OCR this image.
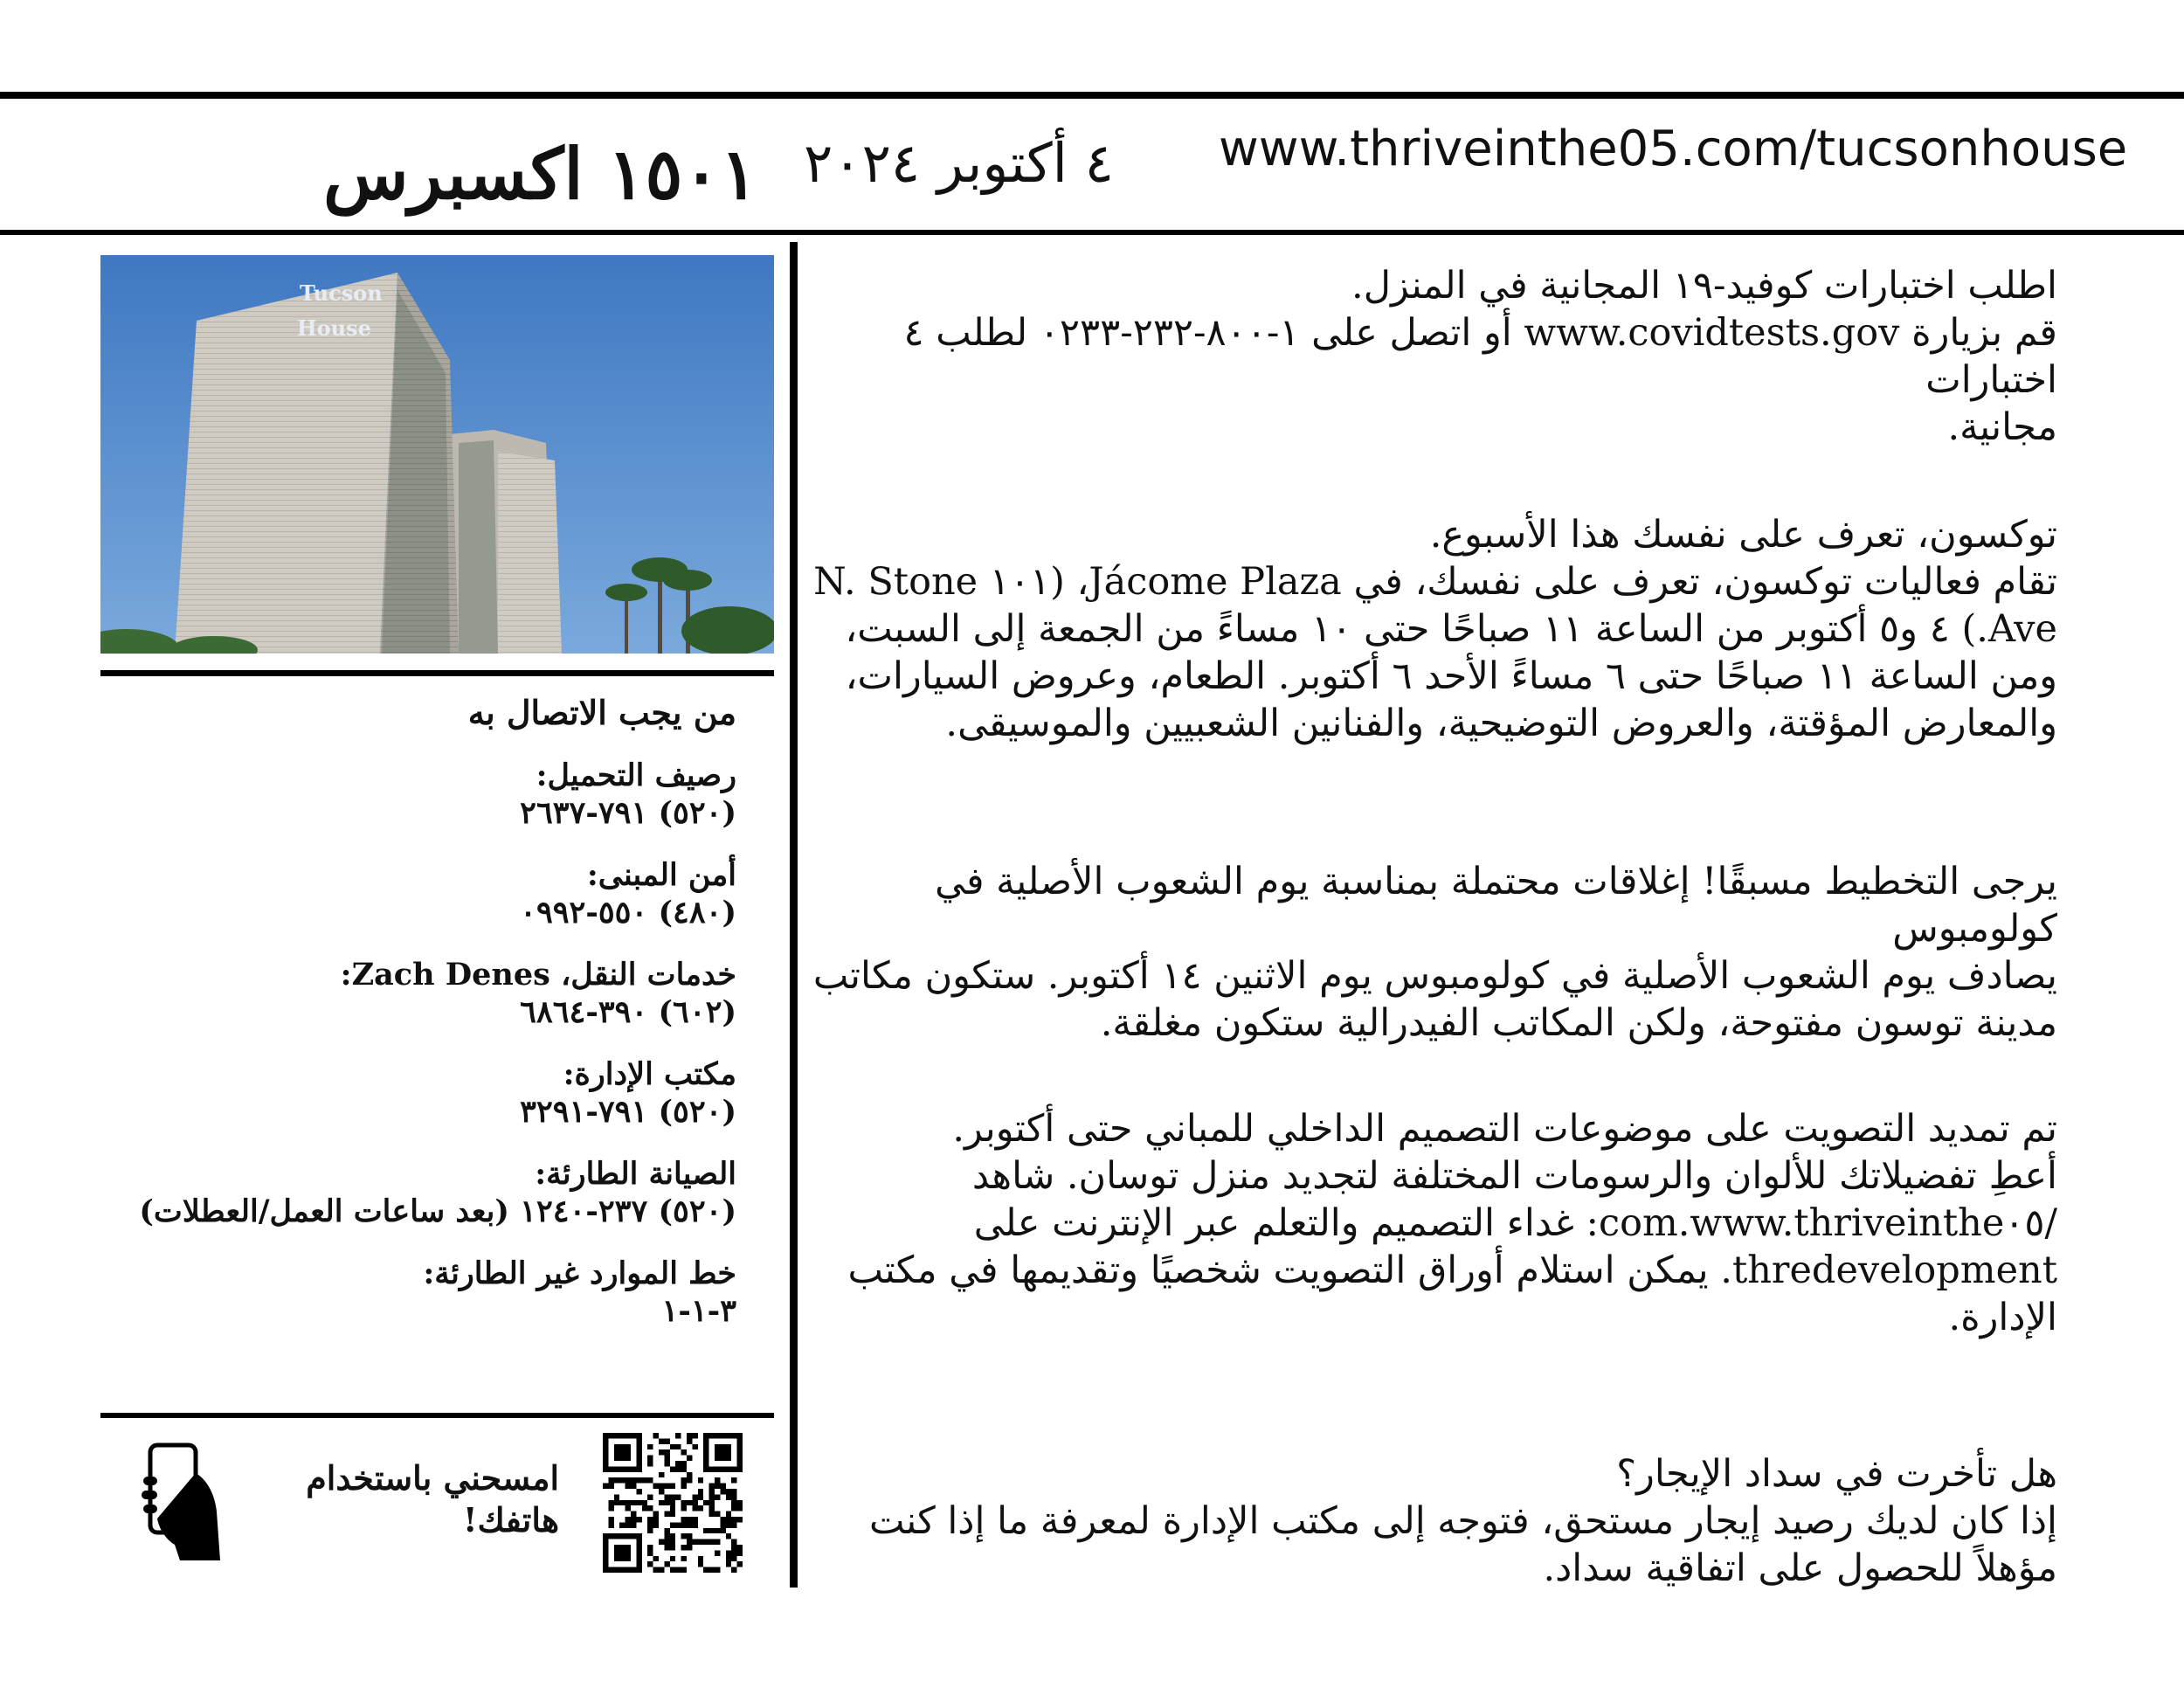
www.thriveinthe05.com/tucsonhouse
٤ أكتوبر ٢٠٢٤
١٥٠١ اكسبرس
اطلب اختبارات كوفيد-١٩ المجانية في المنزل.
قم بزيارة www.covidtests.gov أو اتصل على ١-٨٠٠-٢٣٢-٠٢٣٣ لطلب ٤ اختبارات
مجانية.
توكسون، تعرف على نفسك هذا الأسبوع.
تقام فعاليات توكسون، تعرف على نفسك، في Jácome Plaza، (١٠١ N. Stone
Ave.) ٤ و٥ أكتوبر من الساعة ١١ صباحًا حتى ١٠ مساءً من الجمعة إلى السبت،
ومن الساعة ١١ صباحًا حتى ٦ مساءً الأحد ٦ أكتوبر. الطعام، وعروض السيارات،
والمعارض المؤقتة، والعروض التوضيحية، والفنانين الشعبيين والموسيقى.
يرجى التخطيط مسبقًا! إغلاقات محتملة بمناسبة يوم الشعوب الأصلية في كولومبوس
يصادف يوم الشعوب الأصلية في كولومبوس يوم الاثنين ١٤ أكتوبر. ستكون مكاتب
مدينة توسون مفتوحة، ولكن المكاتب الفيدرالية ستكون مغلقة.
تم تمديد التصويت على موضوعات التصميم الداخلي للمباني حتى أكتوبر.
أعطِ تفضيلاتك للألوان والرسومات المختلفة لتجديد منزل توسان. شاهد
/www.thriveinthe٠٥.com: غداء التصميم والتعلم عبر الإنترنت على
thredevelopment. يمكن استلام أوراق التصويت شخصيًا وتقديمها في مكتب
الإدارة.
هل تأخرت في سداد الإيجار؟
إذا كان لديك رصيد إيجار مستحق، فتوجه إلى مكتب الإدارة لمعرفة ما إذا كنت
مؤهلاً للحصول على اتفاقية سداد.
Tucson
House
من يجب الاتصال به
رصيف التحميل:
(٥٢٠) ٧٩١-٢٦٣٧
أمن المبنى:
(٤٨٠) ٥٥٠-٠٩٩٢
خدمات النقل، Zach Denes:
(٦٠٢) ٣٩٠-٦٨٦٤
مكتب الإدارة:
(٥٢٠) ٧٩١-٣٢٩١
الصيانة الطارئة:
(٥٢٠) ٢٣٧-١٢٤٠ (بعد ساعات العمل/العطلات)
خط الموارد غير الطارئة:
٣-١-١
امسحني باستخدام
هاتفك!
